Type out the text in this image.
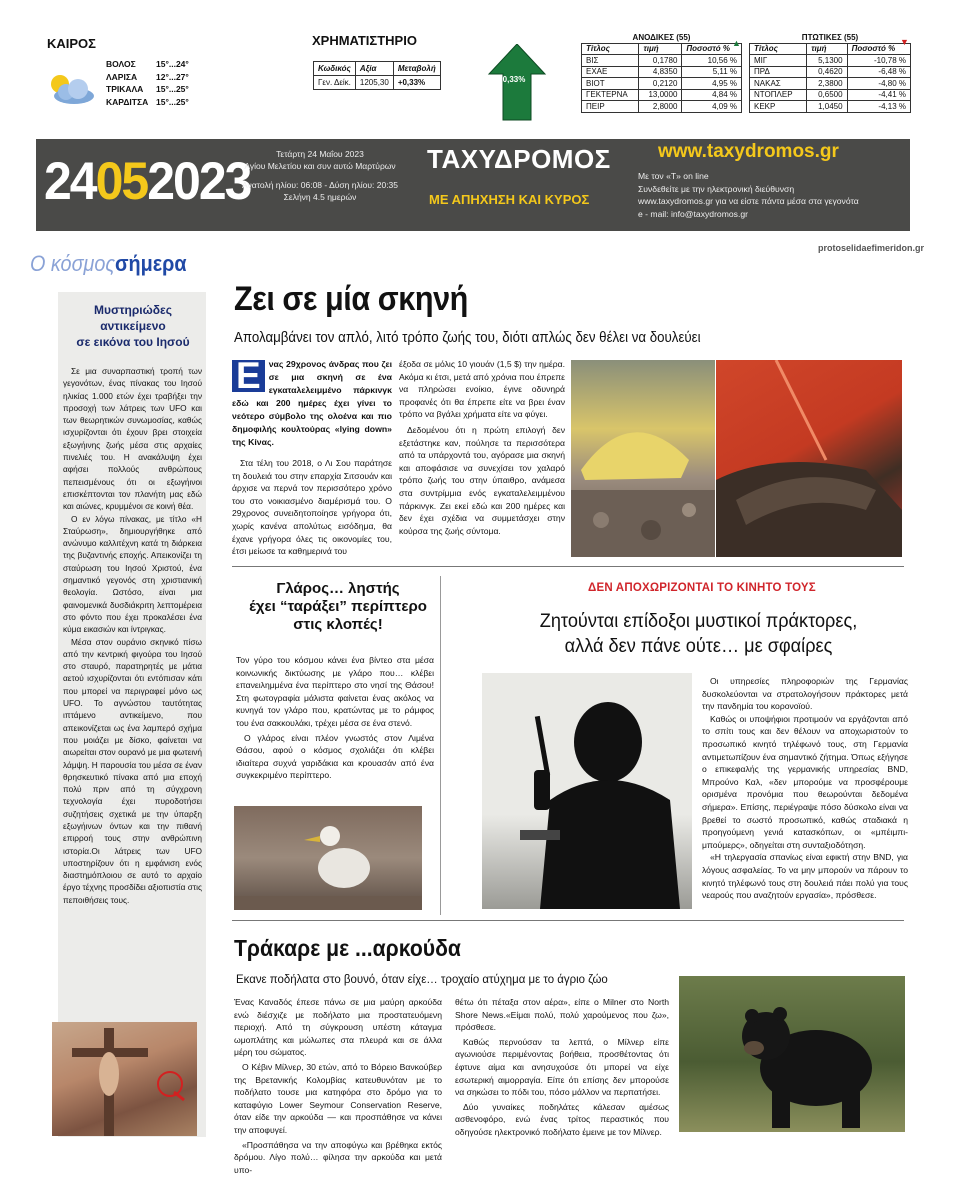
ΚΑΙΡΟΣ
ΒΟΛΟΣ	15°...24°
ΛΑΡΙΣΑ	12°...27°
ΤΡΙΚΑΛΑ	15°...25°
ΚΑΡΔΙΤΣΑ 15°...25°
ΧΡΗΜΑΤΙΣΤΗΡΙΟ
Κωδικός	Αξία	Μεταβολή
Γεν. Δείκ.	1205,30	+0,33%	+0,33%
ΑΝΟΔΙΚΕΣ (55)		
Τίτλος	τιμή	Ποσοστό %
ΒΙΣ	0,1780	10,56 %
ΕΧΑΕ	4,8350	5,11 %
ΒΙΟΤ	0,2120	4,95 %
ΓΕΚΤΕΡΝΑ	13,0000	4,84 %
ΠΕΙΡ	2,8000	4,09 %
▲
ΠΤΩΤΙΚΕΣ (55)		
Τίτλος	τιμή	Ποσοστό %
ΜΙΓ	5,1300	-10,78 %
ΠΡΔ	0,4620	-6,48 %
ΝΑΚΑΣ	2,3800	-4,80 %
ΝΤΟΠΛΕΡ	0,6500	-4,41 %
ΚΕΚΡ	1,0450	-4,13 %
▼
24052023	Τετάρτη 24 Μαΐου 2023
Αγίου Μελετίου και συν αυτώ Μαρτύρων
Ανατολή ηλίου: 06:08 - Δύση ηλίου: 20:35
Σελήνη 4.5 ημερών
ΤΑΧΥΔΡΟΜΟΣ
ΜΕ ΑΠΗΧΗΣΗ ΚΑΙ ΚΥΡΟΣ
www.taxydromos.gr
Με τον «Τ» on line
Συνδεθείτε με την ηλεκτρονική διεύθυνση
www.taxydromos.gr για να είστε πάντα μέσα στα γεγονότα
e - mail: info@taxydromos.gr
Ο κόσμοςσήμερα
protoselidaefimeridon.gr
Μυστηριώδες
αντικείμενο
σε εικόνα του Ιησού

Σε μια συναρπαστική τροπή των γεγονότων, ένας πίνακας του Ιησού ηλικίας 1.000 ετών έχει τραβήξει την προσοχή των λάτρεις των UFO και των θεωρητικών συνωμοσίας, καθώς ισχυρίζονται ότι έχουν βρει στοιχεία εξωγήινης ζωής μέσα στις αρχαίες πινελιές του. Η ανακάλυψη έχει αφήσει πολλούς ανθρώπους πεπεισμένους ότι οι εξωγήινοι επισκέπτονται τον πλανήτη μας εδώ και αιώνες, κρυμμένοι σε κοινή θέα.

Ο εν λόγω πίνακας, με τίτλο «Η Σταύρωση», δημιουργήθηκε από ανώνυμο καλλιτέχνη κατά τη διάρκεια της βυζαντινής εποχής. Απεικονίζει τη σταύρωση του Ιησού Χριστού, ένα σημαντικό γεγονός στη χριστιανική θεολογία. Ωστόσο, είναι μια φαινομενικά δυσδιάκριτη λεπτομέρεια στο φόντο που έχει προκαλέσει ένα κύμα εικασιών και ίντριγκας.

Μέσα στον ουράνιο σκηνικό πίσω από την κεντρική φιγούρα του Ιησού στο σταυρό, παρατηρητές με μάτια αετού ισχυρίζονται ότι εντόπισαν κάτι που μπορεί να περιγραφεί μόνο ως UFO. Το αγνώστου ταυτότητας ιπτάμενο αντικείμενο, που απεικονίζεται ως ένα λαμπερό σχήμα που μοιάζει με δίσκο, φαίνεται να αιωρείται στον ουρανό με μια φωτεινή λάμψη. Η παρουσία του μέσα σε έναν θρησκευτικό πίνακα από μια εποχή πολύ πριν από τη σύγχρονη τεχνολογία έχει πυροδοτήσει συζητήσεις σχετικά με την ύπαρξη εξωγήινων όντων και την πιθανή επιρροή τους στην ανθρώπινη ιστορία.Οι λάτρεις των UFO υποστηρίζουν ότι η εμφάνιση ενός διαστημόπλοιου σε αυτό το αρχαίο έργο τέχνης προσδίδει αξιοπιστία στις πεποιθήσεις τους.

Ζει σε μία σκηνή
Απολαμβάνει τον απλό, λιτό τρόπο ζωής του, διότι απλώς δεν θέλει να δουλεύει

Ε νας 29χρονος άνδρας που ζει σε μια σκηνή σε ένα εγκαταλελειμμένο πάρκινγκ εδώ και 200 ημέρες έχει γίνει το νεότερο σύμβολο της ολοένα και πιο δημοφιλής κουλτούρας «lying down» της Κίνας.

Στα τέλη του 2018, ο Λι Σου παράτησε τη δουλειά του στην επαρχία Σιτσουάν και άρχισε να περνά τον περισσότερο χρόνο του στο νοικιασμένο διαμέρισμά του. Ο 29χρονος συνειδητοποίησε γρήγορα ότι, χωρίς κανένα απολύτως εισόδημα, θα έχανε γρήγορα όλες τις οικονομίες του, έτσι μείωσε τα καθημερινά του

έξοδα σε μόλις 10 γιουάν (1,5 $) την ημέρα. Ακόμα κι έτσι, μετά από χρόνια που έπρεπε να πληρώσει ενοίκιο, έγινε οδυνηρά προφανές ότι θα έπρεπε είτε να βρει έναν τρόπο να βγάλει χρήματα είτε να φύγει.

Δεδομένου ότι η πρώτη επιλογή δεν εξετάστηκε καν, πούλησε τα περισσότερα από τα υπάρχοντά του, αγόρασε μια σκηνή και αποφάσισε να συνεχίσει τον χαλαρό τρόπο ζωής του στην ύπαιθρο, ανάμεσα στα συντρίμμια ενός εγκαταλελειμμένου πάρκινγκ. Ζει εκεί εδώ και 200 ημέρες και δεν έχει σχέδια να συμμετάσχει στην κούρσα της ζωής σύντομα.

Γλάρος… ληστής
έχει “ταράξει” περίπτερο
στις κλοπές!

Τον γύρο του κόσμου κάνει ένα βίντεο στα μέσα κοινωνικής δικτύωσης με γλάρο που… κλέβει επανειλημμένα ένα περίπτερο στο νησί της Θάσου! Στη φωτογραφία μάλιστα φαίνεται ένας ακόλος να κυνηγά τον γλάρο που, κρατώντας με το ράμφος του ένα σακκουλάκι, τρέχει μέσα σε ένα στενό.

Ο γλάρος είναι πλέον γνωστός στον Λιμένα Θάσου, αφού ο κόσμος σχολιάζει ότι κλέβει ιδιαίτερα συχνά γαριδάκια και κρουασάν από ένα συγκεκριμένο περίπτερο.

ΔΕΝ ΑΠΟΧΩΡΙΖΟΝΤΑΙ ΤΟ ΚΙΝΗΤΟ ΤΟΥΣ
Ζητούνται επίδοξοι μυστικοί πράκτορες,
αλλά δεν πάνε ούτε… με σφαίρες

Οι υπηρεσίες πληροφοριών της Γερμανίας δυσκολεύονται να στρατολογήσουν πράκτορες μετά την πανδημία του κορονοϊού.

Καθώς οι υποψήφιοι προτιμούν να εργάζονται από το σπίτι τους και δεν θέλουν να αποχωριστούν το προσωπικό κινητό τηλέφωνό τους, στη Γερμανία αντιμετωπίζουν ένα σημαντικό ζήτημα. Όπως εξήγησε ο επικεφαλής της γερμανικής υπηρεσίας BND, Μπρούνο Καλ, «δεν μπορούμε να προσφέρουμε ορισμένα προνόμια που θεωρούνται δεδομένα σήμερα». Επίσης, περιέγραψε πόσο δύσκολο είναι να βρεθεί το σωστό προσωπικό, καθώς σταδιακά η προηγούμενη γενιά κατασκόπων, οι «μπέιμπι-μπούμερς», οδηγείται στη συνταξιοδότηση.

«Η τηλεργασία σπανίως είναι εφικτή στην BND, για λόγους ασφαλείας. Το να μην μπορούν να πάρουν το κινητό τηλέφωνό τους στη δουλειά πάει πολύ για τους νεαρούς που αναζητούν εργασία», πρόσθεσε.

Τράκαρε με ...αρκούδα
Εκανε ποδήλατα στο βουνό, όταν είχε… τροχαίο ατύχημα με το άγριο ζώο

Ένας Καναδός έπεσε πάνω σε μια μαύρη αρκούδα ενώ διέσχιζε με ποδήλατο μια προστατευόμενη περιοχή. Από τη σύγκρουση υπέστη κάταγμα ωμοπλάτης και μώλωπες στα πλευρά και σε άλλα μέρη του σώματος.

Ο Κέβιν Μίλνερ, 30 ετών, από το Βόρειο Βανκούβερ της Βρετανικής Κολομβίας κατευθυνόταν με το ποδήλατο τουσε μια κατηφόρα στο δρόμο για το καταφύγιο Lower Seymour Conservation Reserve, όταν είδε την αρκούδα — και προσπάθησε να κάνει την αποφυγεί.

«Προσπάθησα να την αποφύγω και βρέθηκα εκτός δρόμου. Λίγο πολύ… φίλησα την αρκούδα και μετά υπο-

θέτω ότι πέταξα στον αέρα», είπε ο Milner στο North Shore News.«Είμαι πολύ, πολύ χαρούμενος που ζω», πρόσθεσε.

Καθώς περνούσαν τα λεπτά, ο Μίλνερ είπε αγωνιούσε περιμένοντας βοήθεια, προσθέτοντας ότι έφτυνε αίμα και ανησυχούσε ότι μπορεί να είχε εσωτερική αιμορραγία. Είπε ότι επίσης δεν μπορούσε να σηκώσει το πόδι του, πόσο μάλλον να περπατήσει.

Δύο γυναίκες ποδηλάτες κάλεσαν αμέσως ασθενοφόρο, ενώ ένας τρίτος περαστικός που οδηγούσε ηλεκτρονικό ποδήλατο έμεινε με τον Μίλνερ.
